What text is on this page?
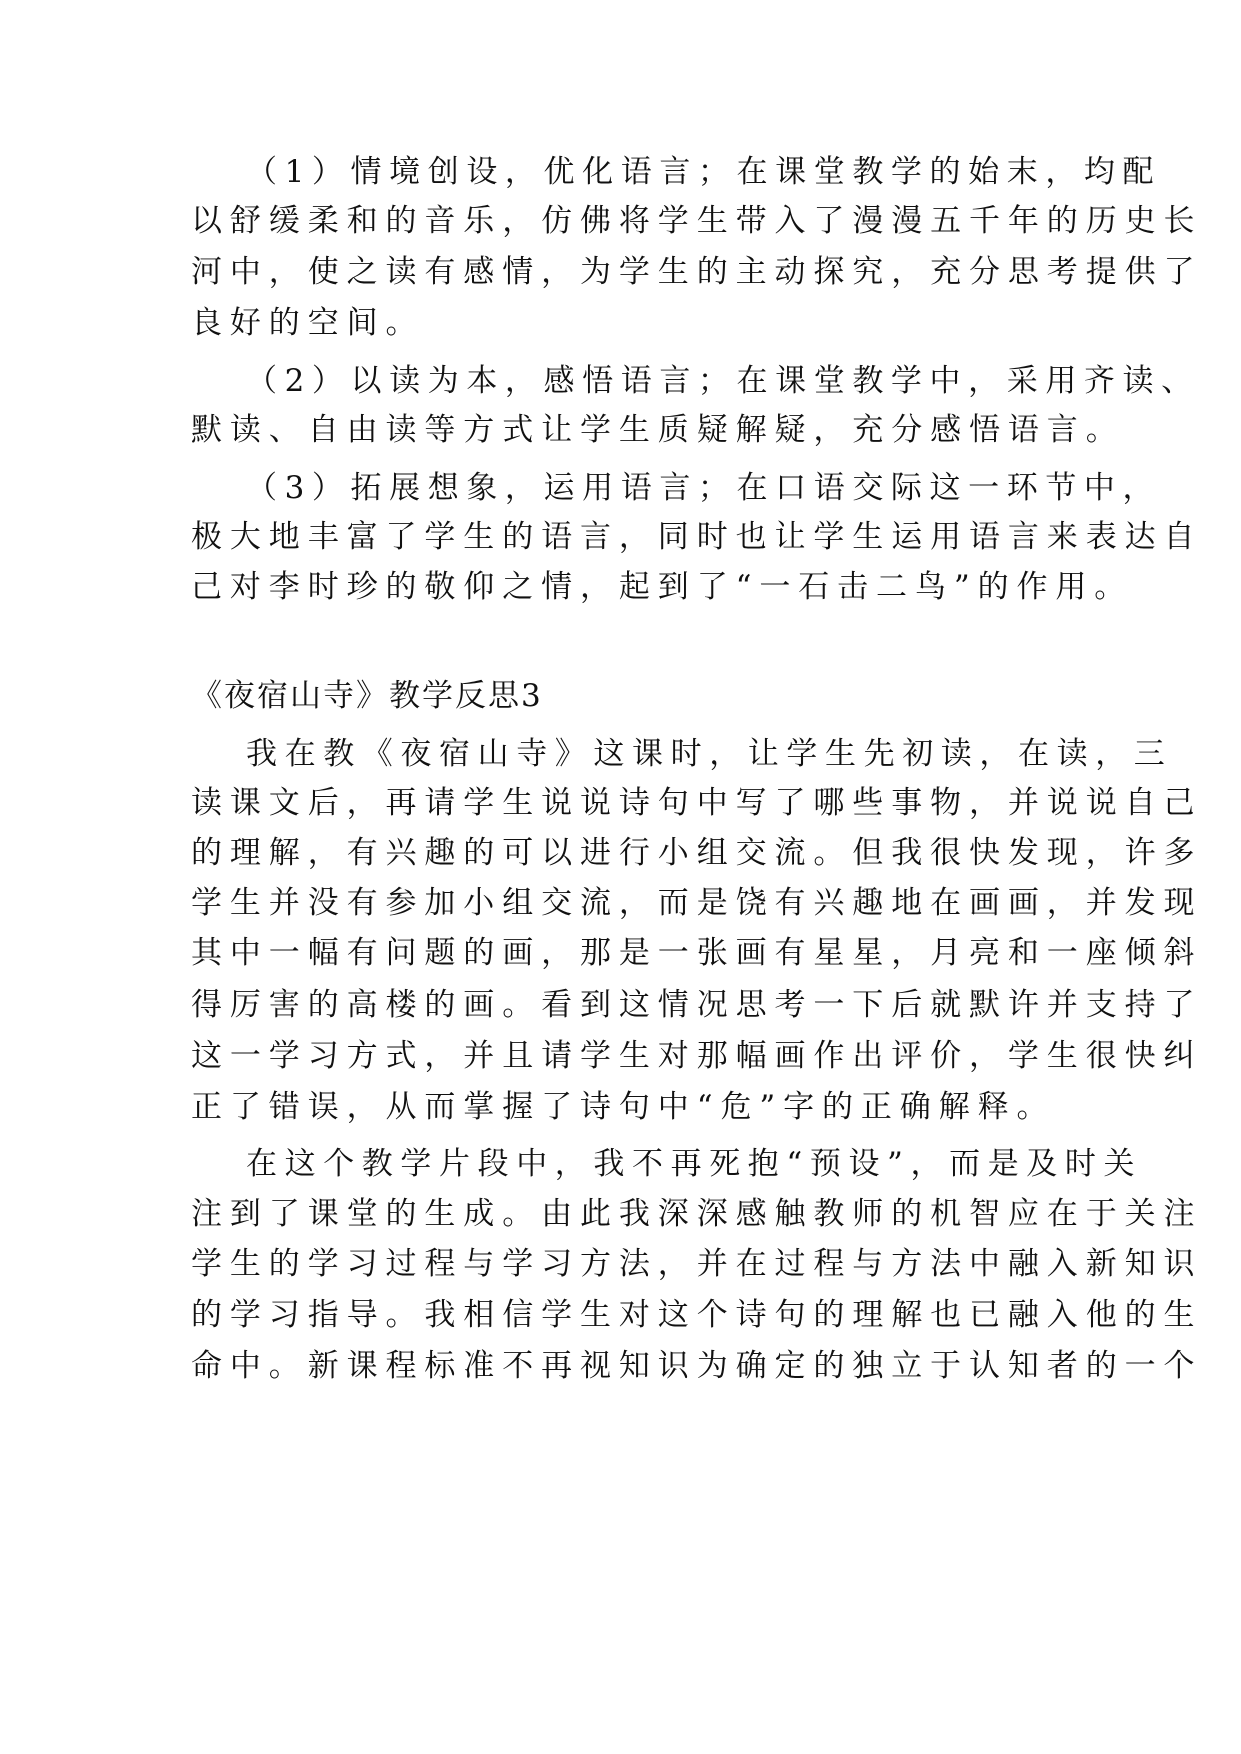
（1）情境创设，优化语言；在课堂教学的始末，均配
以舒缓柔和的音乐，仿佛将学生带入了漫漫五千年的历史长
河中，使之读有感情，为学生的主动探究，充分思考提供了
良好的空间。
（2）以读为本，感悟语言；在课堂教学中，采用齐读、
默读、自由读等方式让学生质疑解疑，充分感悟语言。
（3）拓展想象，运用语言；在口语交际这一环节中，
极大地丰富了学生的语言，同时也让学生运用语言来表达自
己对李时珍的敬仰之情，起到了“一石击二鸟”的作用。
《夜宿山寺》教学反思3
我在教《夜宿山寺》这课时，让学生先初读，在读，三
读课文后，再请学生说说诗句中写了哪些事物，并说说自己
的理解，有兴趣的可以进行小组交流。但我很快发现，许多
学生并没有参加小组交流，而是饶有兴趣地在画画，并发现
其中一幅有问题的画，那是一张画有星星，月亮和一座倾斜
得厉害的高楼的画。看到这情况思考一下后就默许并支持了
这一学习方式，并且请学生对那幅画作出评价，学生很快纠
正了错误，从而掌握了诗句中“危”字的正确解释。
在这个教学片段中，我不再死抱“预设”，而是及时关
注到了课堂的生成。由此我深深感触教师的机智应在于关注
学生的学习过程与学习方法，并在过程与方法中融入新知识
的学习指导。我相信学生对这个诗句的理解也已融入他的生
命中。新课程标准不再视知识为确定的独立于认知者的一个
